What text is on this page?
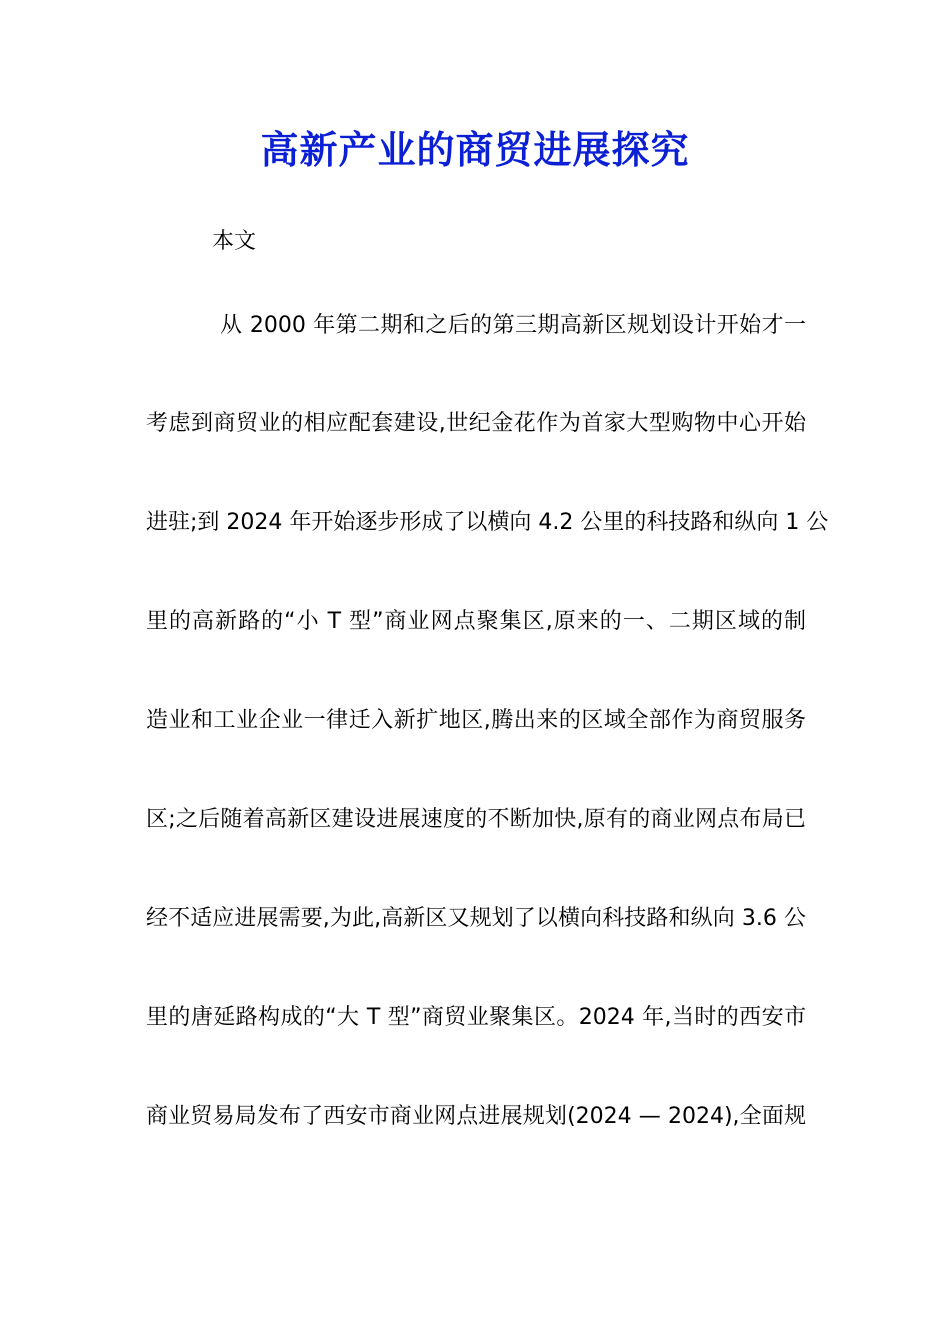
高新产业的商贸进展探究

本文

从 2000 年第二期和之后的第三期高新区规划设计开始才一

考虑到商贸业的相应配套建设,世纪金花作为首家大型购物中心开始

进驻;到 2024 年开始逐步形成了以横向 4.2 公里的科技路和纵向 1 公

里的高新路的“小 T 型”商业网点聚集区,原来的一、二期区域的制

造业和工业企业一律迁入新扩地区,腾出来的区域全部作为商贸服务

区;之后随着高新区建设进展速度的不断加快,原有的商业网点布局已

经不适应进展需要,为此,高新区又规划了以横向科技路和纵向 3.6 公

里的唐延路构成的“大 T 型”商贸业聚集区。2024 年,当时的西安市

商业贸易局发布了西安市商业网点进展规划(2024 — 2024),全面规
